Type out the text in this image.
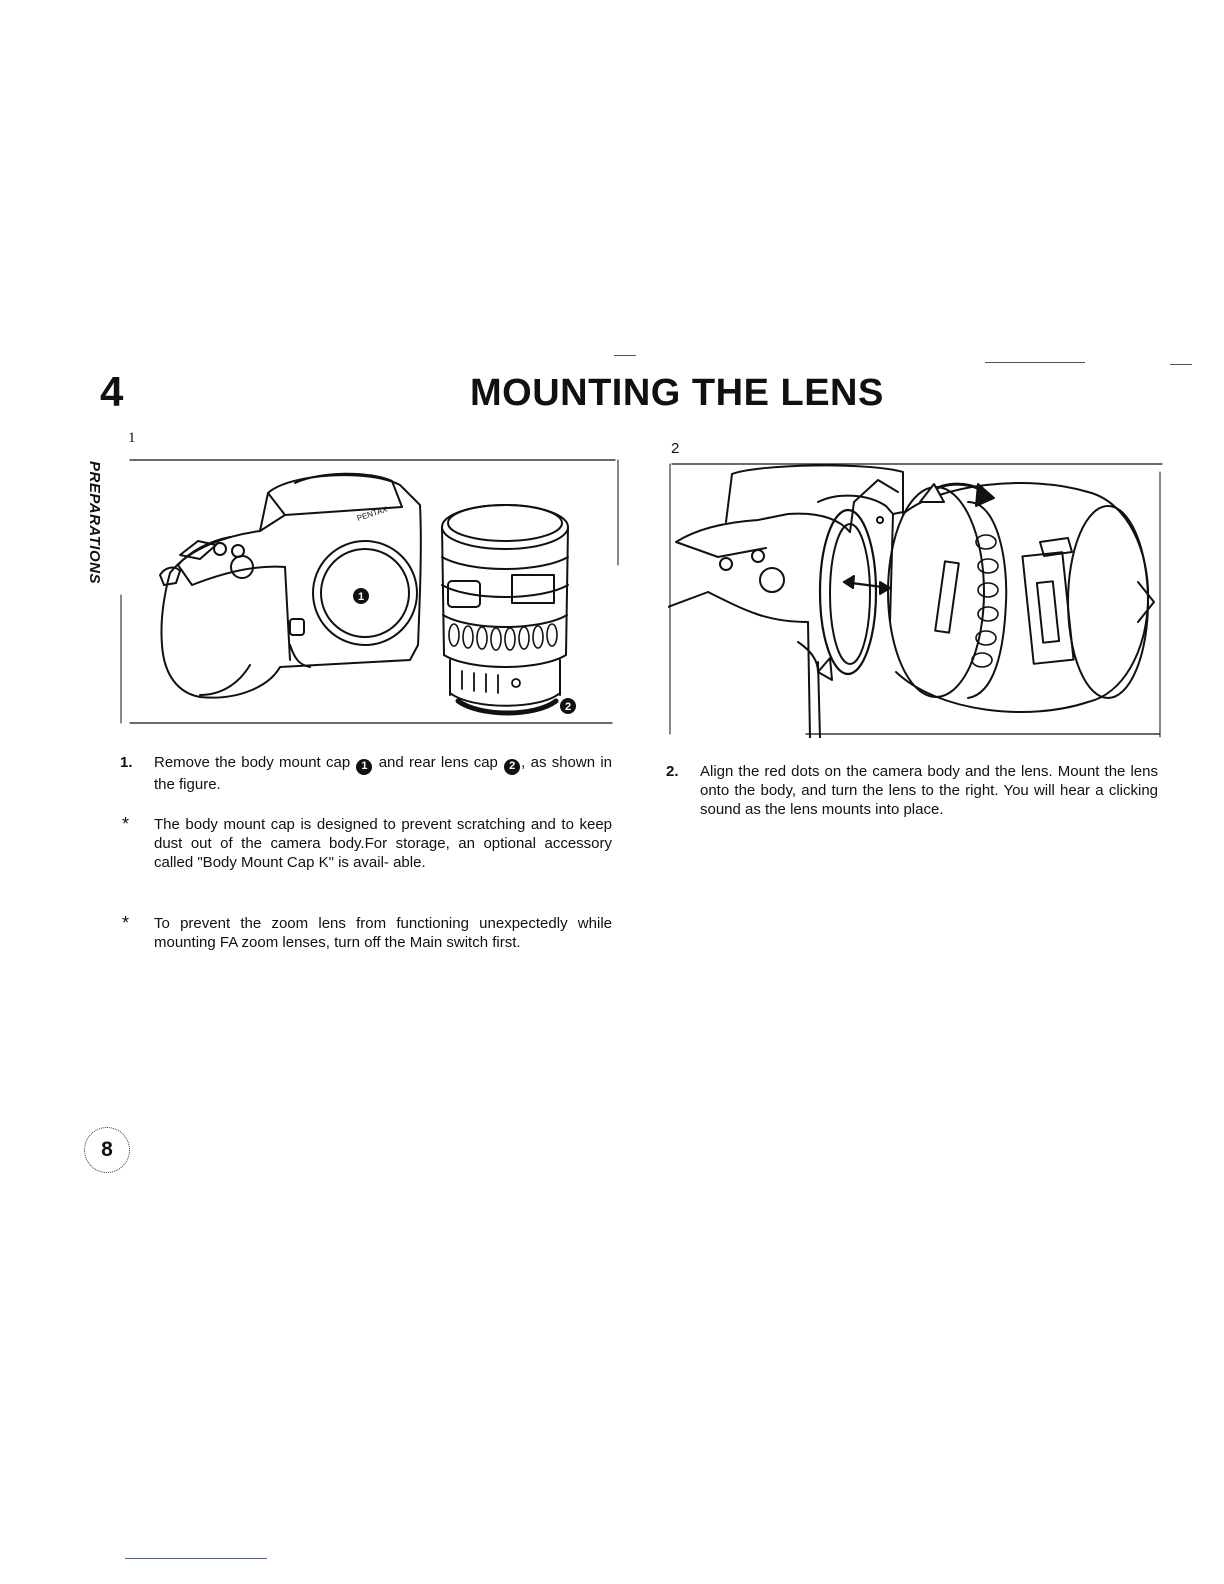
4	MOUNTING THE LENS
PREPARATIONS
1
2
PENTAX
1
2
1. Remove the body mount cap 1 and rear lens cap 2 , as shown in the figure.
* The body mount cap is designed to prevent scratching and to keep dust out of the camera body.For storage, an optional accessory called "Body Mount Cap K" is avail- able.
* To prevent the zoom lens from functioning unexpectedly while mounting FA zoom lenses, turn off the Main switch first.
2. Align the red dots on the camera body and the lens. Mount the lens onto the body, and turn the lens to the right. You will hear a clicking sound as the lens mounts into place.
8
